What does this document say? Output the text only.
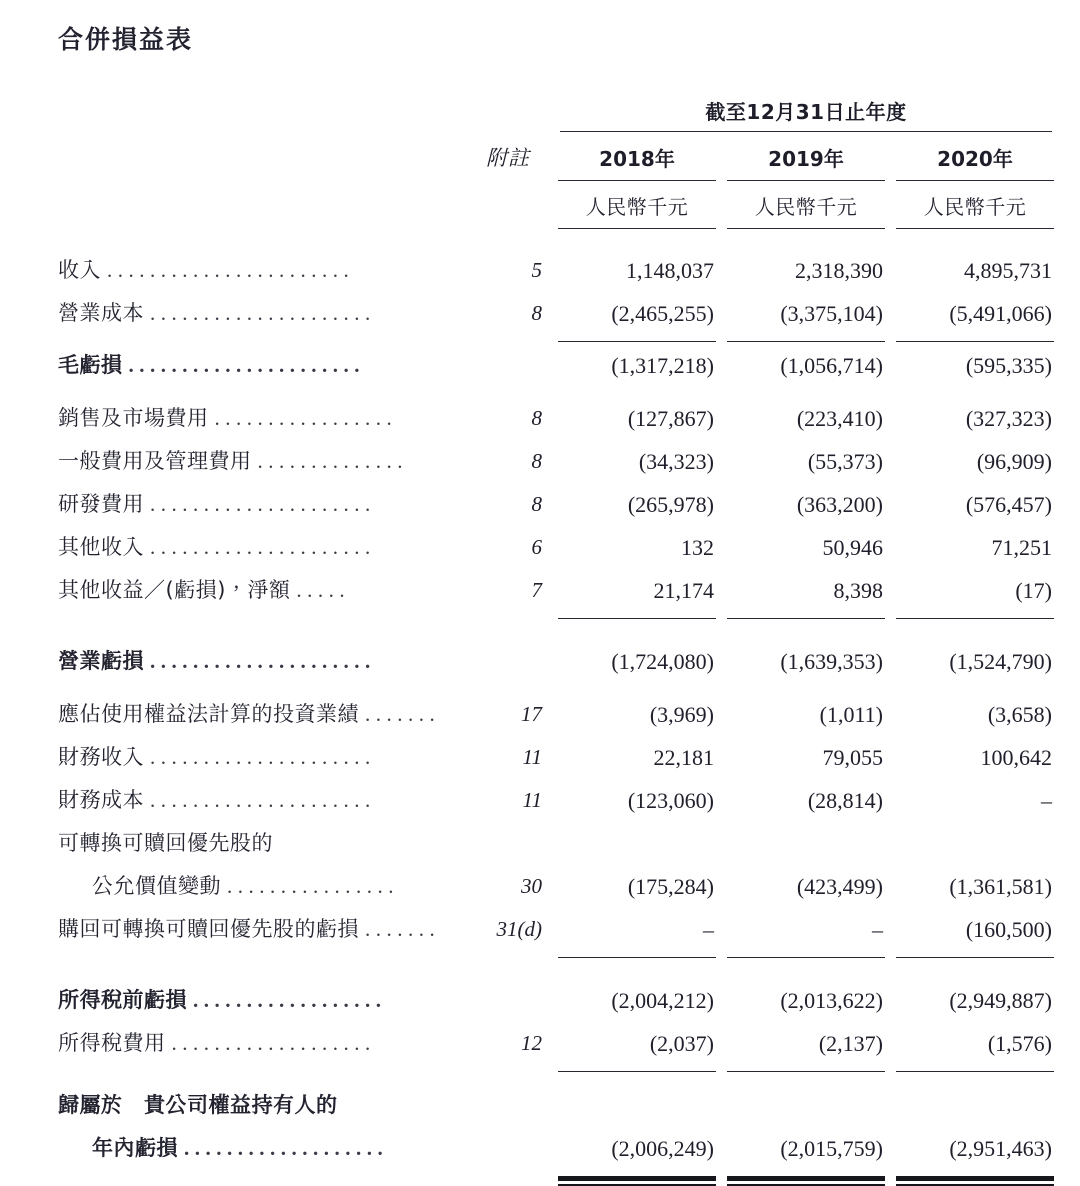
合併損益表
			截至12月31日止年度				

	附註		2018年		2019年		2020年

			人民幣千元		人民幣千元		人民幣千元

收入 .......................	5		1,148,037		2,318,390		4,895,731
營業成本 .....................	8		(2,465,255)		(3,375,104)		(5,491,066)

毛虧損 ......................			(1,317,218)		(1,056,714)		(595,335)

銷售及市場費用 .................	8		(127,867)		(223,410)		(327,323)
一般費用及管理費用 ..............	8		(34,323)		(55,373)		(96,909)
研發費用 .....................	8		(265,978)		(363,200)		(576,457)
其他收入 .....................	6		132		50,946		71,251
其他收益／(虧損)，淨額 .....	7		21,174		8,398		(17)

營業虧損 .....................			(1,724,080)		(1,639,353)		(1,524,790)

應佔使用權益法計算的投資業績 .......	17		(3,969)		(1,011)		(3,658)
財務收入 .....................	11		22,181		79,055		100,642
財務成本 .....................	11		(123,060)		(28,814)		–
可轉換可贖回優先股的							
公允價值變動 ................	30		(175,284)		(423,499)		(1,361,581)
購回可轉換可贖回優先股的虧損 .......	31(d)		–		–		(160,500)

所得稅前虧損 ..................			(2,004,212)		(2,013,622)		(2,949,887)
所得稅費用 ...................	12		(2,037)		(2,137)		(1,576)

歸屬於　貴公司權益持有人的							
年內虧損 ...................			(2,006,249)		(2,015,759)		(2,951,463)
